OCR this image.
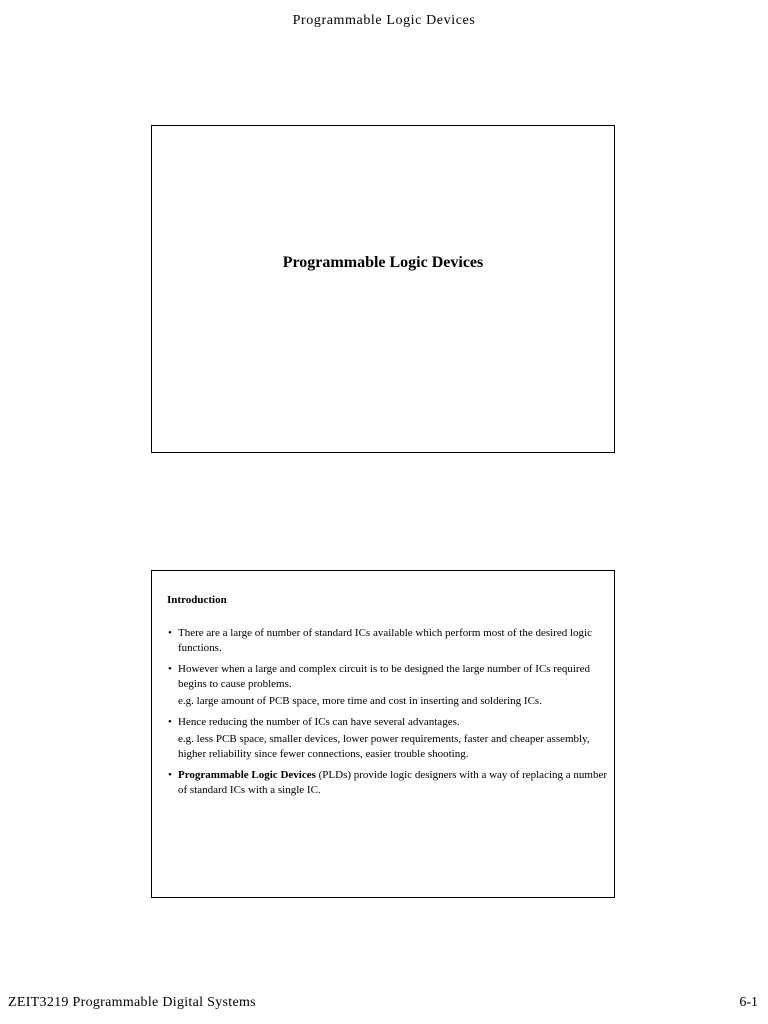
Programmable Logic Devices
Programmable Logic Devices
Introduction
• There are a large of number of standard ICs available which perform most of the desired logic functions.
• However when a large and complex circuit is to be designed the large number of ICs required begins to cause problems.
e.g. large amount of PCB space, more time and cost in inserting and soldering ICs.
• Hence reducing the number of ICs can have several advantages.
e.g. less PCB space, smaller devices, lower power requirements, faster and cheaper assembly, higher reliability since fewer connections, easier trouble shooting.
• Programmable Logic Devices (PLDs) provide logic designers with a way of replacing a number of standard ICs with a single IC.
ZEIT3219 Programmable Digital Systems	6-1
